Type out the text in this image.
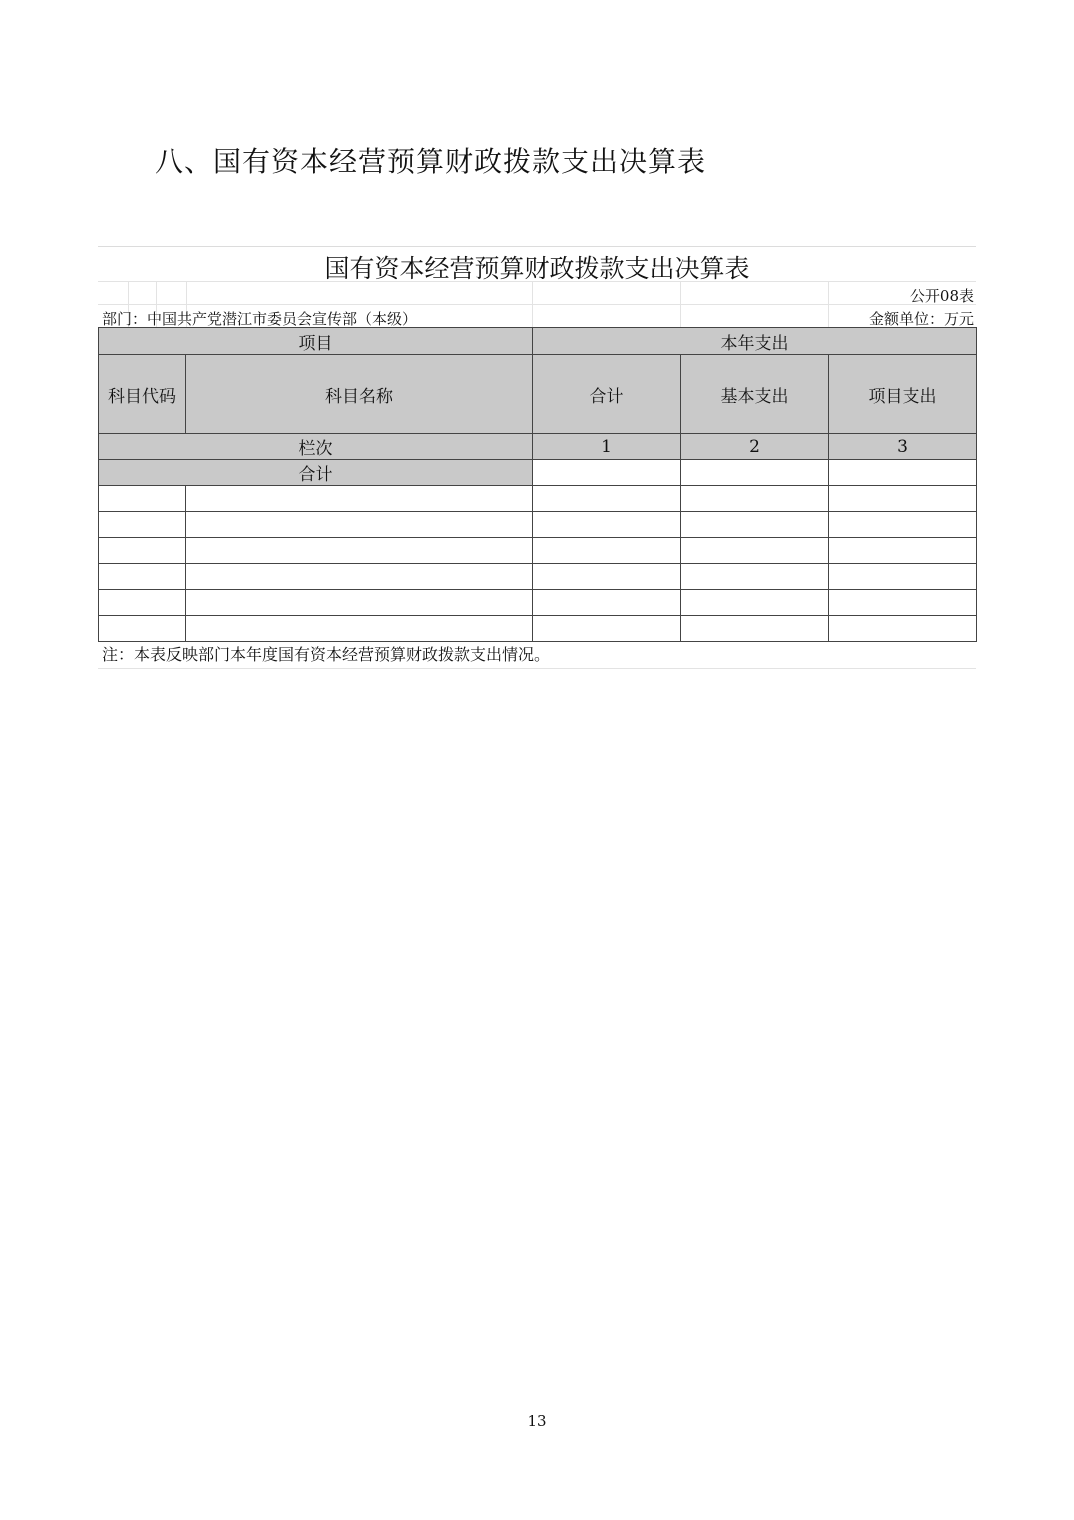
八、国有资本经营预算财政拨款支出决算表
国有资本经营预算财政拨款支出决算表
公开08表
部门：中国共产党潜江市委员会宣传部（本级）	金额单位：万元
项目		本年支出		
科目代码	科目名称	合计	基本支出	项目支出
栏次		1	2	3
合计				

注：本表反映部门本年度国有资本经营预算财政拨款支出情况。
13
